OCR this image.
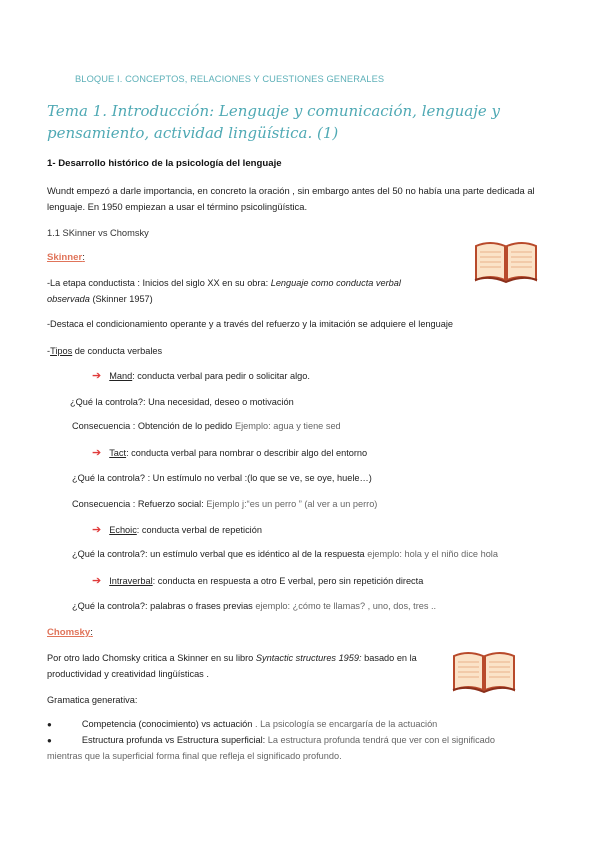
BLOQUE I. CONCEPTOS, RELACIONES Y CUESTIONES GENERALES
Tema 1. Introducción: Lenguaje y comunicación, lenguaje y pensamiento, actividad lingüística. (1)
1- Desarrollo histórico de la psicología del lenguaje
Wundt empezó a darle importancia, en concreto la oración , sin embargo antes del 50 no había una parte dedicada al
lenguaje. En 1950 empiezan a usar el término psicolingüística.
1.1 SKinner vs Chomsky
Skinner:
-La etapa conductista : Inicios del siglo XX en su obra: Lenguaje como conducta verbal
observada (Skinner 1957)
-Destaca el condicionamiento operante y a través del refuerzo y la imitación se adquiere el lenguaje
-Tipos de conducta verbales
➔ Mand: conducta verbal para pedir o solicitar algo.
¿Qué la controla?: Una necesidad, deseo o motivación
Consecuencia : Obtención de lo pedido Ejemplo: agua y tiene sed
➔ Tact: conducta verbal para nombrar o describir algo del entorno
¿Qué la controla? : Un estímulo no verbal :(lo que se ve, se oye, huele…)
Consecuencia : Refuerzo social: Ejemplo j:“es un perro ” (al ver a un perro)
➔ Echoic: conducta verbal de repetición
¿Qué la controla?: un estímulo verbal que es idéntico al de la respuesta ejemplo: hola y el niño dice hola
➔ Intraverbal: conducta en respuesta a otro E verbal, pero sin repetición directa
¿Qué la controla?: palabras o frases previas ejemplo: ¿cómo te llamas? , uno, dos, tres ..
Chomsky:
Por otro lado Chomsky critica a Skinner en su libro Syntactic structures 1959: basado en la
productividad y creatividad lingüísticas .
Gramatica generativa:
●	Competencia (conocimiento) vs actuación . La psicología se encargaría de la actuación
●	Estructura profunda vs Estructura superficial: La estructura profunda tendrá que ver con el significado
mientras que la superficial forma final que refleja el significado profundo.
